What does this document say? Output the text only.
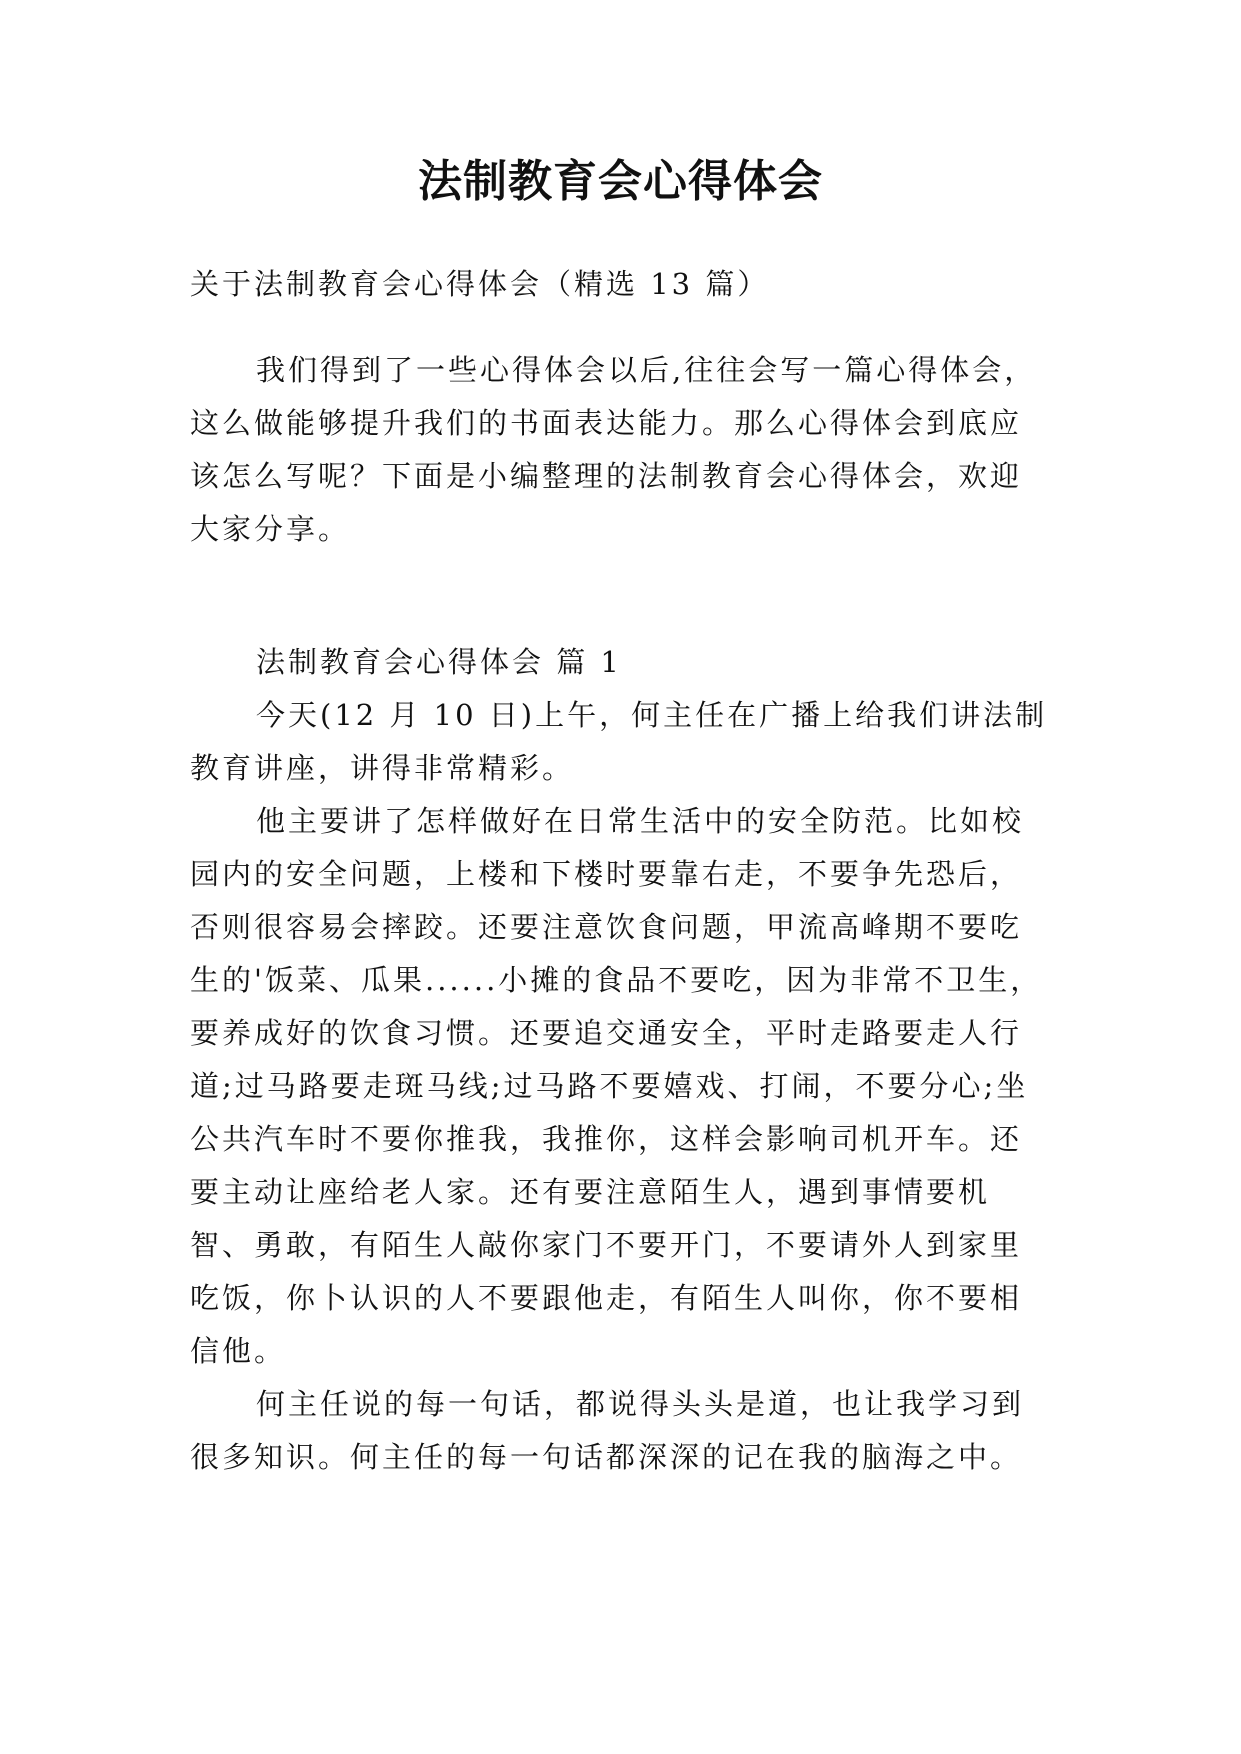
法制教育会心得体会

关于法制教育会心得体会（精选 13 篇）

我们得到了一些心得体会以后,往往会写一篇心得体会，这么做能够提升我们的书面表达能力。那么心得体会到底应该怎么写呢？下面是小编整理的法制教育会心得体会，欢迎大家分享。

法制教育会心得体会 篇 1

今天(12 月 10 日)上午，何主任在广播上给我们讲法制教育讲座，讲得非常精彩。

他主要讲了怎样做好在日常生活中的安全防范。比如校园内的安全问题，上楼和下楼时要靠右走，不要争先恐后，否则很容易会摔跤。还要注意饮食问题，甲流高峰期不要吃生的'饭菜、瓜果......小摊的食品不要吃，因为非常不卫生，要养成好的饮食习惯。还要追交通安全，平时走路要走人行道;过马路要走斑马线;过马路不要嬉戏、打闹，不要分心;坐公共汽车时不要你推我，我推你，这样会影响司机开车。还要主动让座给老人家。还有要注意陌生人，遇到事情要机智、勇敢，有陌生人敲你家门不要开门，不要请外人到家里吃饭，你卜认识的人不要跟他走，有陌生人叫你，你不要相信他。

何主任说的每一句话，都说得头头是道，也让我学习到很多知识。何主任的每一句话都深深的记在我的脑海之中。
